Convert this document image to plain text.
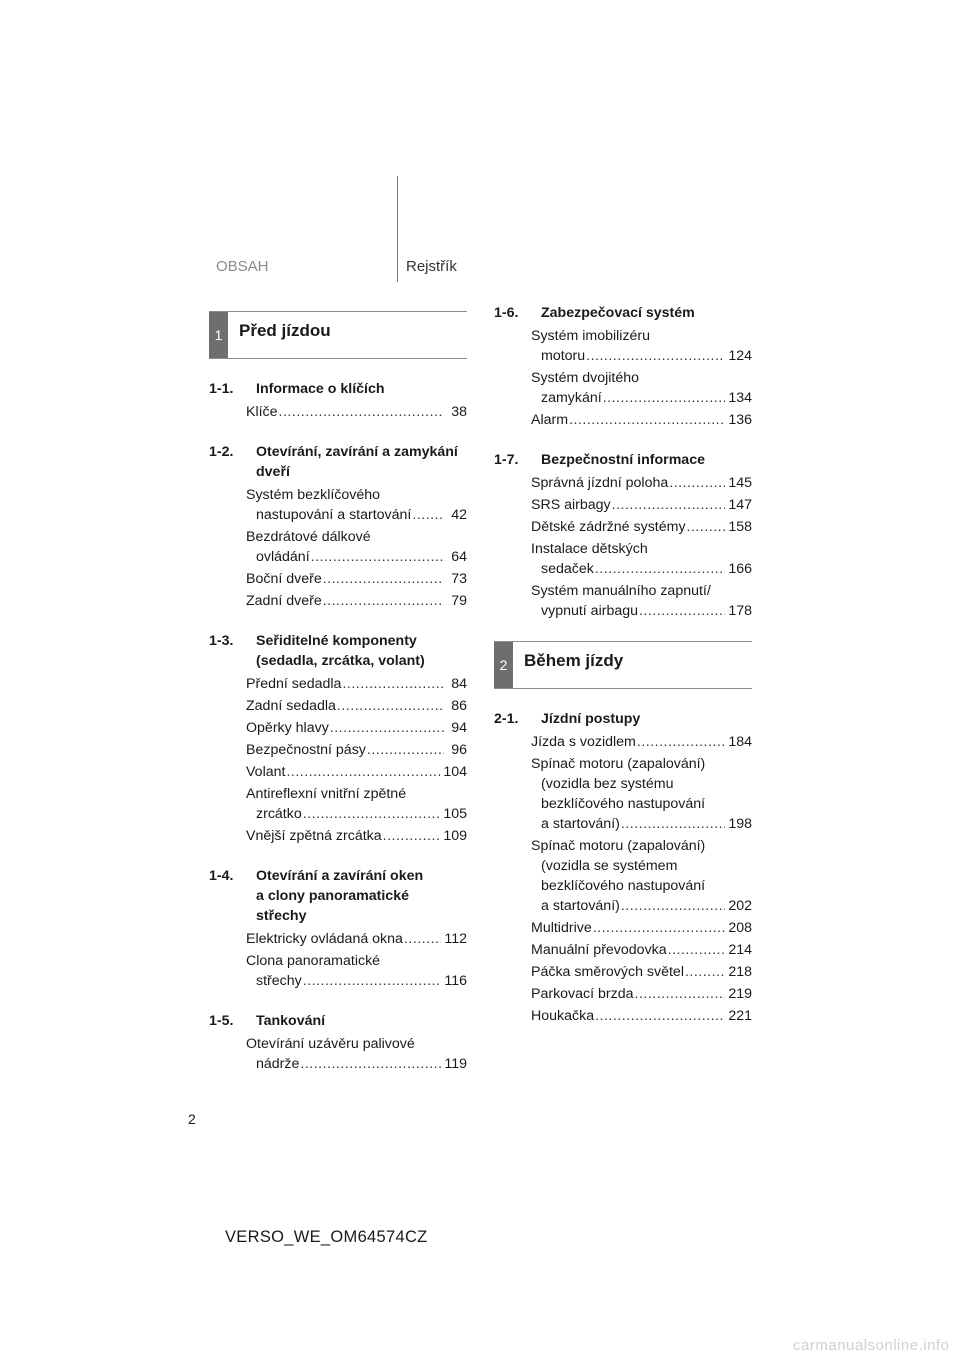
OBSAH	Rejstřík
1 Před jízdou
1-1.	Informace o klíčích
Klíče .....	38
1-2.	Otevírání, zavírání a zamykání
dveří
Systém bezklíčového
nastupování a startování .....	42
Bezdrátové dálkové
ovládání .....	64
Boční dveře .....	73
Zadní dveře .....	79
1-3.	Seřiditelné komponenty
(sedadla, zrcátka, volant)
Přední sedadla .....	84
Zadní sedadla .....	86
Opěrky hlavy .....	94
Bezpečnostní pásy .....	96
Volant .....	104
Antireflexní vnitřní zpětné
zrcátko .....	105
Vnější zpětná zrcátka .....	109
1-4.	Otevírání a zavírání oken
a clony panoramatické
střechy
Elektricky ovládaná okna .....	112
Clona panoramatické
střechy .....	116
1-5.	Tankování
Otevírání uzávěru palivové
nádrže .....	119
1-6.	Zabezpečovací systém
Systém imobilizéru
motoru .....	124
Systém dvojitého
zamykání .....	134
Alarm .....	136
1-7.	Bezpečnostní informace
Správná jízdní poloha .....	145
SRS airbagy .....	147
Dětské zádržné systémy .....	158
Instalace dětských
sedaček .....	166
Systém manuálního zapnutí/
vypnutí airbagu .....	178
2 Během jízdy
2-1.	Jízdní postupy
Jízda s vozidlem .....	184
Spínač motoru (zapalování)
(vozidla bez systému
bezklíčového nastupování
a startování) .....	198
Spínač motoru (zapalování)
(vozidla se systémem
bezklíčového nastupování
a startování) .....	202
Multidrive .....	208
Manuální převodovka .....	214
Páčka směrových světel .....	218
Parkovací brzda .....	219
Houkačka .....	221
2
VERSO_WE_OM64574CZ
carmanualsonline.info
